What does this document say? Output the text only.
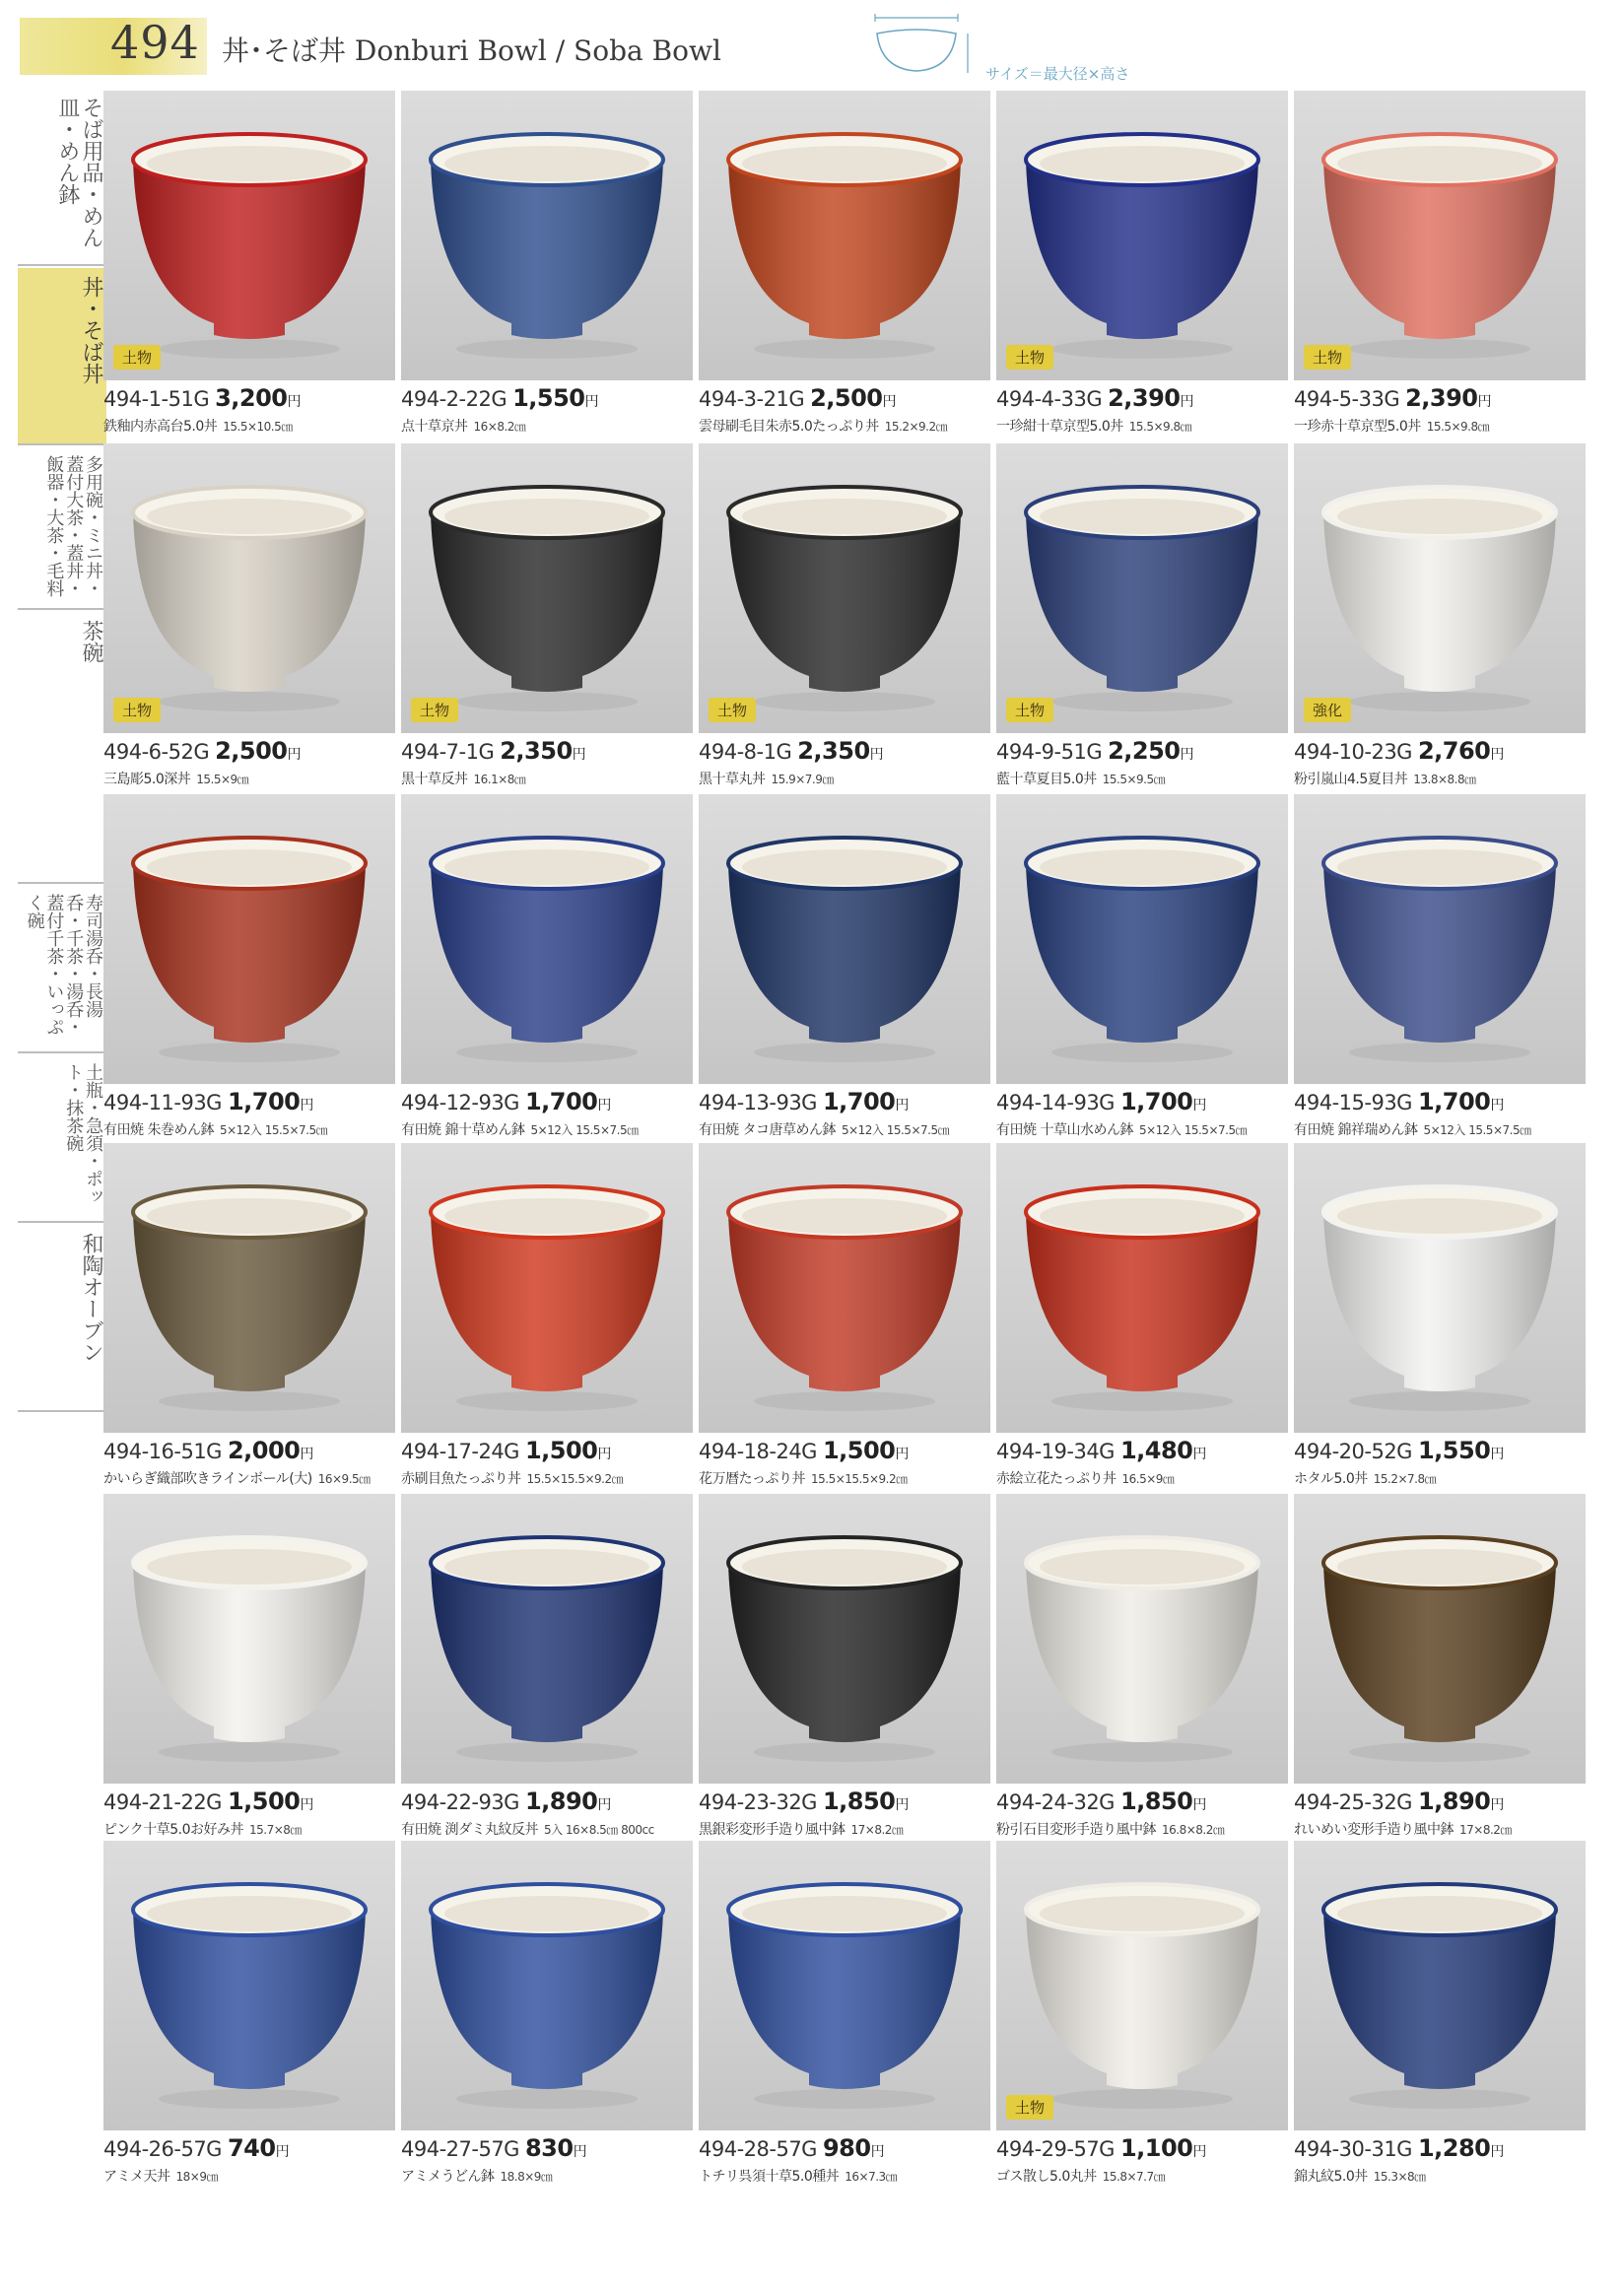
494 丼･そば丼 Donburi Bowl / Soba Bowl
サイズ＝最大径×高さ
そば用品・めん皿・めん鉢
丼・そば丼
多用碗・ミニ丼・蓋付大茶・蓋丼・飯器・大茶・毛料
茶碗
寿司湯呑・長湯呑・千茶・湯呑・蓋付千茶・いっぷく碗
土瓶・急須・ポット・抹茶碗
和陶オーブン
土物
494-1-51G 3,200円
鉄釉内赤高台5.0丼 15.5×10.5㎝
494-2-22G 1,550円
点十草京丼 16×8.2㎝
494-3-21G 2,500円
雲母刷毛目朱赤5.0たっぷり丼 15.2×9.2㎝
土物
494-4-33G 2,390円
一珍紺十草京型5.0丼 15.5×9.8㎝
土物
494-5-33G 2,390円
一珍赤十草京型5.0丼 15.5×9.8㎝
土物
494-6-52G 2,500円
三島彫5.0深丼 15.5×9㎝
土物
494-7-1G 2,350円
黒十草反丼 16.1×8㎝
土物
494-8-1G 2,350円
黒十草丸丼 15.9×7.9㎝
土物
494-9-51G 2,250円
藍十草夏目5.0丼 15.5×9.5㎝
強化
494-10-23G 2,760円
粉引嵐山4.5夏目丼 13.8×8.8㎝
494-11-93G 1,700円
有田焼 朱巻めん鉢 5×12入 15.5×7.5㎝
494-12-93G 1,700円
有田焼 錦十草めん鉢 5×12入 15.5×7.5㎝
494-13-93G 1,700円
有田焼 タコ唐草めん鉢 5×12入 15.5×7.5㎝
494-14-93G 1,700円
有田焼 十草山水めん鉢 5×12入 15.5×7.5㎝
494-15-93G 1,700円
有田焼 錦祥瑞めん鉢 5×12入 15.5×7.5㎝
494-16-51G 2,000円
かいらぎ織部吹きラインボール(大) 16×9.5㎝
494-17-24G 1,500円
赤刷目魚たっぷり丼 15.5×15.5×9.2㎝
494-18-24G 1,500円
花万暦たっぷり丼 15.5×15.5×9.2㎝
494-19-34G 1,480円
赤絵立花たっぷり丼 16.5×9㎝
494-20-52G 1,550円
ホタル5.0丼 15.2×7.8㎝
494-21-22G 1,500円
ピンク十草5.0お好み丼 15.7×8㎝
494-22-93G 1,890円
有田焼 渕ダミ丸紋反丼 5入 16×8.5㎝ 800cc
494-23-32G 1,850円
黒銀彩変形手造り風中鉢 17×8.2㎝
494-24-32G 1,850円
粉引石目変形手造り風中鉢 16.8×8.2㎝
494-25-32G 1,890円
れいめい変形手造り風中鉢 17×8.2㎝
494-26-57G 740円
アミメ天丼 18×9㎝
494-27-57G 830円
アミメうどん鉢 18.8×9㎝
494-28-57G 980円
トチリ呉須十草5.0種丼 16×7.3㎝
土物
494-29-57G 1,100円
ゴス散し5.0丸丼 15.8×7.7㎝
494-30-31G 1,280円
錦丸紋5.0丼 15.3×8㎝
